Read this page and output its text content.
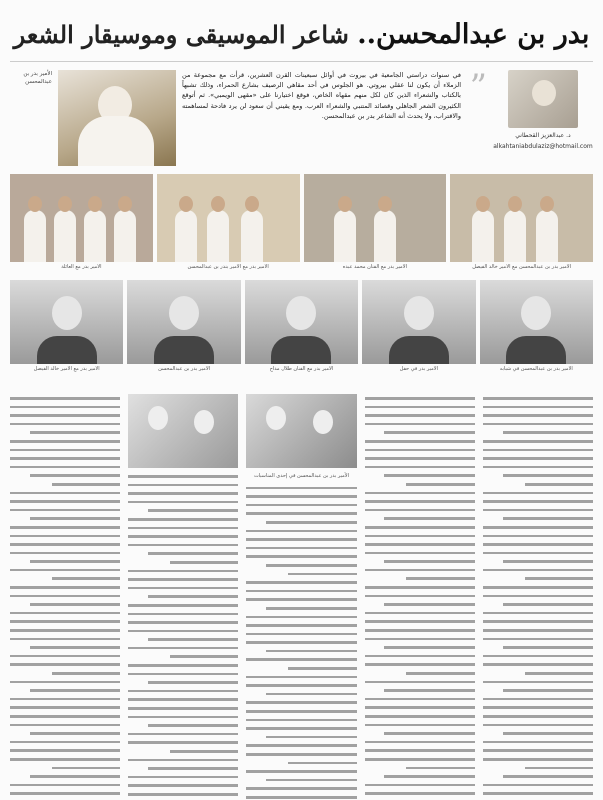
بدر بن عبدالمحسن.. شاعر الموسيقى وموسيقار الشعر
د. عبدالعزيز القحطاني
alkahtaniabdulaziz@hotmail.com
”
في سنوات دراستي الجامعية في بيروت في أوائل سبعينات القرن العشرين، قرأت مع مجموعة من الزملاء أن يكون لنا عقلي بيروتي. هو الجلوس في أحد مقاهي الرصيف بشارع الحمراء، وذلك تشبهاً بالكتاب والشعراء الذين كان لكل منهم مقهاه الخاص، فوقع اختيارنا على «مقهى الويمبي». ثم أتوقع الكثيرون الشعر الجاهلي وقصائد المتنبي والشعراء العرب. ومع يقيني أن سعود لن يرد فادحة لمساهمته والاقتراب، ولا يحدث أنه الشاعر بدر بن عبدالمحسن.
الأمير بدر بن عبدالمحسن
الأمير بدر بن عبدالمحسن مع الأمير خالد الفيصل
الأمير بدر مع الفنان محمد عبده
الأمير بدر مع الأمير بندر بن عبدالمحسن
الأمير بدر مع العائلة
الأمير بدر بن عبدالمحسن في شبابه
الأمير بدر في حفل
الأمير بدر مع الفنان طلال مداح
الأمير بدر بن عبدالمحسن
الأمير بدر مع الأمير خالد الفيصل
الأمير بدر بن عبدالمحسن في إحدى المناسبات
